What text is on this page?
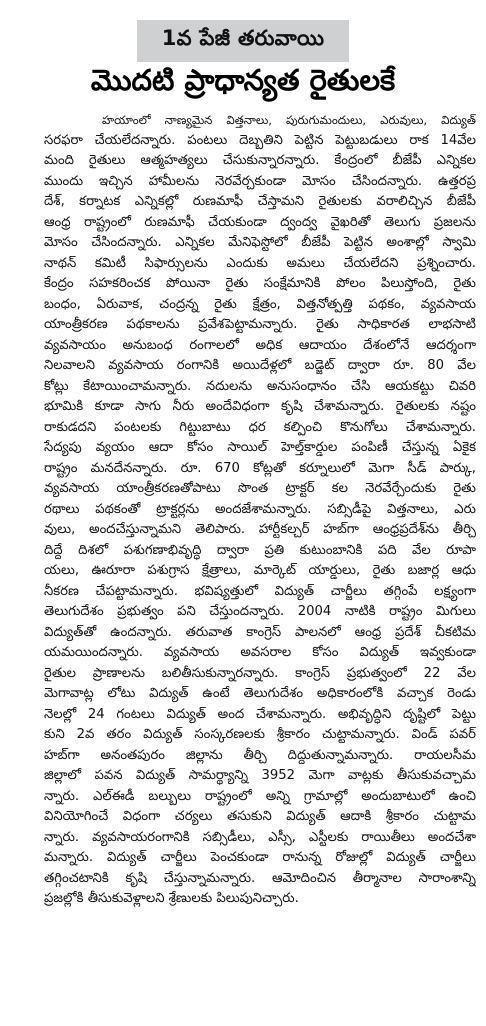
1వ పేజీ తరువాయి
మొదటి ప్రాధాన్యత రైతులకే
హయాంలో నాణ్యమైన విత్తనాలు, పురుగుమందులు, ఎరువులు, విద్యుత్
సరఫరా చేయలేదన్నారు. పంటలు దెబ్బతిని పెట్టిన పెట్టుబడులు రాక 14వేల
మంది రైతులు ఆత్మహత్యలు చేసుకున్నారన్నారు. కేంద్రంలో బీజేపీ ఎన్నికల
ముందు ఇచ్చిన హామీలను నెరవేర్చకుండా మోసం చేసిందన్నారు. ఉత్తరప్ర
దేశ్, కర్నాటక ఎన్నికల్లో రుణమాఫీ చేస్తామని రైతులకు వరాలిచ్చిన బీజేపీ
ఆంధ్ర రాష్ట్రంలో రుణమాఫీ చేయకుండా ద్వంద్వ వైఖరితో తెలుగు ప్రజలను
మోసం చేసిందన్నారు. ఎన్నికల మేనిఫెస్టోలో బీజేపీ పెట్టిన అంశాల్లో స్వామి
నాథన్ కమిటీ సిఫార్సులను ఎందుకు అమలు చేయలేదని ప్రశ్నించారు.
కేంద్రం సహకరించక పోయినా రైతు సంక్షేమానికి పోలం పిలుస్తోంది, రైతు
బంధం, ఏరువాక, చంద్రన్న రైతు క్షేత్రం, విత్తనోత్పత్తి పథకం, వ్యవసాయ
యాంత్రీకరణ పథకాలను ప్రవేశపెట్టామన్నారు. రైతు సాధికారత లాభసాటి
వ్యవసాయం అనుబంధ రంగాలలో అధిక ఆదాయం దేశంలోనే ఆదర్శంగా
నిలవాలని వ్యవసాయ రంగానికి అయిదేళ్లలో బడ్జెట్ ద్వారా రూ. 80 వేల
కోట్లు కేటాయించామన్నారు. నదులను అనుసంధానం చేసి ఆయకట్టు చివరి
భూమికి కూడా సాగు నీరు అందేవిధంగా కృషి చేశామన్నారు. రైతులకు నష్టం
రాకుడదని పంటలకు గిట్టుబాటు ధర కల్పించి కొనుగోలు చేశామన్నారు.
సేద్యపు వ్యయం ఆదా కోసం సాయిల్ హెల్త్‌కార్డుల పంపిణీ చేస్తున్న ఏకైక
రాష్ట్రం మనదేనన్నారు. రూ. 670 కోట్లతో కర్నూలులో మెగా సీడ్ పార్కు,
వ్యవసాయ యాంత్రీకరణతోపాటు సొంత ట్రాక్టర్ కల నెరవేర్చేందుకు రైతు
రథాలు పథకంతో ట్రాక్టర్లను అందజేశామన్నారు. సబ్సిడీపై విత్తనాలు, ఎరు
వులు, అందచేస్తున్నామని తెలిపారు. హార్టీకల్చర్ హబ్‌గా ఆంధ్రప్రదేశ్‌ను తీర్చి
దిద్దే దిశలో పశుగణాభివృద్ధి ద్వారా ప్రతి కుటుంబానికి పది వేల రూపా
యలు, ఊరూరా పశుగ్రాస క్షేత్రాలు, మార్కెట్ యార్డులు, రైతు బజార్ల ఆధు
నీకరణ చేపట్టామన్నారు. భవిష్యత్తులో విద్యుత్ చార్జీలు తగ్గింపే లక్ష్యంగా
తెలుగుదేశం ప్రభుత్వం పని చేస్తుందన్నారు. 2004 నాటికి రాష్ట్రం మిగులు
విద్యుత్‌తో ఉందన్నారు. తరువాత కాంగ్రెస్ పాలనలో ఆంధ్ర ప్రదేశ్ చీకటిమ
యమయిందన్నారు. వ్యవసాయ అవసరాల కోసం విద్యుత్ ఇవ్వకుండా
రైతుల ప్రాణాలను బలితీసుకున్నారన్నారు. కాంగ్రెస్ ప్రభుత్వంలో 22 వేల
మెగావాట్ల లోటు విద్యుత్ ఉంటే తెలుగుదేశం అధికారంలోకి వచ్చాక రెండు
నెలల్లో 24 గంటలు విద్యుత్ అంద చేశామన్నారు. అభివృద్ధిని దృష్టిలో పెట్టు
కుని 2వ తరం విద్యుత్ సంస్కరణలకు శ్రీకారం చుట్టామన్నారు. విండ్ పవర్
హబ్‌గా అనంతపురం జిల్లాను తీర్చి దిద్దుతున్నామన్నారు. రాయలసీమ
జిల్లాలో పవన విద్యుత్ సామర్థ్యాన్ని 3952 మెగా వాట్లకు తీసుకువచ్చామ
న్నారు. ఎల్‌ఈడీ బల్బులు రాష్ట్రంలో అన్ని గ్రామాల్లో అందుబాటులో ఉంచి
వినియోగించే విధంగా చర్యలు తసుకుని విద్యుత్ ఆదాకి శ్రీకారం చుట్టామ
న్నారు. వ్యవసాయరంగానికి సబ్సిడీలు, ఎస్సీ, ఎస్టీలకు రాయితీలు అందచేశా
మన్నారు. విద్యుత్ చార్జీలు పెంచకుండా రానున్న రోజుల్లో విద్యుత్ చార్జీలు
తగ్గించటానికి కృషి చేస్తున్నామన్నారు. ఆమోదించిన తీర్మానాల సారాంశాన్ని
ప్రజల్లోకి తీసుకువెళ్లాలని శ్రేణులకు పిలుపునిచ్చారు.
